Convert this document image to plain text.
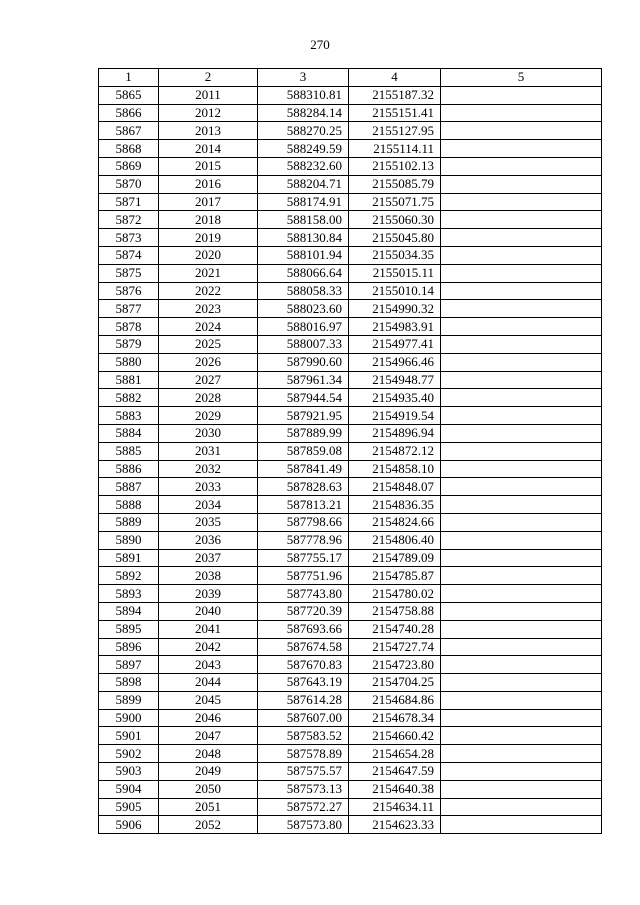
270
1	2	3	4	5
5865	2011	588310.81	2155187.32	
5866	2012	588284.14	2155151.41	
5867	2013	588270.25	2155127.95	
5868	2014	588249.59	2155114.11	
5869	2015	588232.60	2155102.13	
5870	2016	588204.71	2155085.79	
5871	2017	588174.91	2155071.75	
5872	2018	588158.00	2155060.30	
5873	2019	588130.84	2155045.80	
5874	2020	588101.94	2155034.35	
5875	2021	588066.64	2155015.11	
5876	2022	588058.33	2155010.14	
5877	2023	588023.60	2154990.32	
5878	2024	588016.97	2154983.91	
5879	2025	588007.33	2154977.41	
5880	2026	587990.60	2154966.46	
5881	2027	587961.34	2154948.77	
5882	2028	587944.54	2154935.40	
5883	2029	587921.95	2154919.54	
5884	2030	587889.99	2154896.94	
5885	2031	587859.08	2154872.12	
5886	2032	587841.49	2154858.10	
5887	2033	587828.63	2154848.07	
5888	2034	587813.21	2154836.35	
5889	2035	587798.66	2154824.66	
5890	2036	587778.96	2154806.40	
5891	2037	587755.17	2154789.09	
5892	2038	587751.96	2154785.87	
5893	2039	587743.80	2154780.02	
5894	2040	587720.39	2154758.88	
5895	2041	587693.66	2154740.28	
5896	2042	587674.58	2154727.74	
5897	2043	587670.83	2154723.80	
5898	2044	587643.19	2154704.25	
5899	2045	587614.28	2154684.86	
5900	2046	587607.00	2154678.34	
5901	2047	587583.52	2154660.42	
5902	2048	587578.89	2154654.28	
5903	2049	587575.57	2154647.59	
5904	2050	587573.13	2154640.38	
5905	2051	587572.27	2154634.11	
5906	2052	587573.80	2154623.33	
